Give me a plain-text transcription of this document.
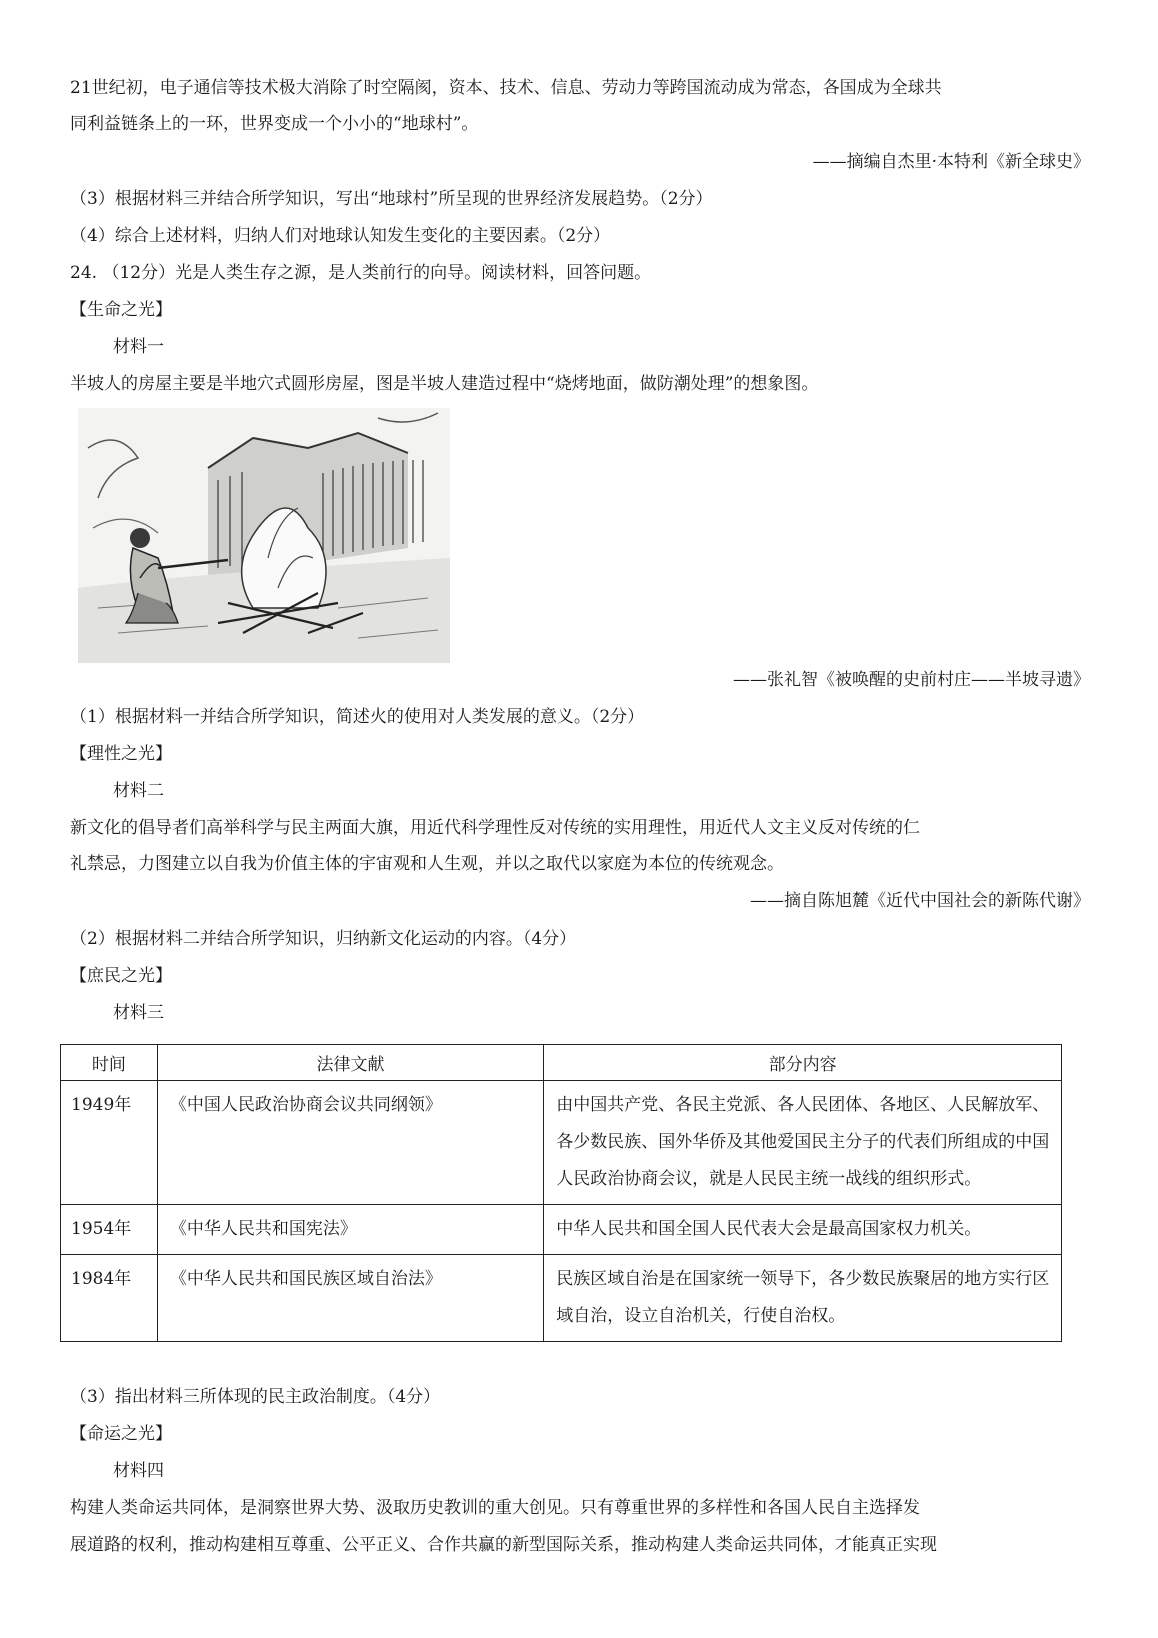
21世纪初，电子通信等技术极大消除了时空隔阂，资本、技术、信息、劳动力等跨国流动成为常态，各国成为全球共
同利益链条上的一环，世界变成一个小小的“地球村”。
——摘编自杰里·本特利《新全球史》
（3）根据材料三并结合所学知识，写出“地球村”所呈现的世界经济发展趋势。（2分）
（4）综合上述材料，归纳人们对地球认知发生变化的主要因素。（2分）
24. （12分）光是人类生存之源，是人类前行的向导。阅读材料，回答问题。
【生命之光】
材料一
半坡人的房屋主要是半地穴式圆形房屋，图是半坡人建造过程中“烧烤地面，做防潮处理”的想象图。
——张礼智《被唤醒的史前村庄——半坡寻遗》
（1）根据材料一并结合所学知识，简述火的使用对人类发展的意义。（2分）
【理性之光】
材料二
新文化的倡导者们高举科学与民主两面大旗，用近代科学理性反对传统的实用理性，用近代人文主义反对传统的仁
礼禁忌，力图建立以自我为价值主体的宇宙观和人生观，并以之取代以家庭为本位的传统观念。
——摘自陈旭麓《近代中国社会的新陈代谢》
（2）根据材料二并结合所学知识，归纳新文化运动的内容。（4分）
【庶民之光】
材料三
时间	法律文献	部分内容

1949年	《中国人民政治协商会议共同纲领》	由中国共产党、各民主党派、各人民团体、各地区、人民解放军、各少数民族、国外华侨及其他爱国民主分子的代表们所组成的中国人民政治协商会议，就是人民民主统一战线的组织形式。

1954年	《中华人民共和国宪法》	中华人民共和国全国人民代表大会是最高国家权力机关。

1984年	《中华人民共和国民族区域自治法》	民族区域自治是在国家统一领导下，各少数民族聚居的地方实行区域自治，设立自治机关，行使自治权。
（3）指出材料三所体现的民主政治制度。（4分）
【命运之光】
材料四
构建人类命运共同体，是洞察世界大势、汲取历史教训的重大创见。只有尊重世界的多样性和各国人民自主选择发
展道路的权利，推动构建相互尊重、公平正义、合作共赢的新型国际关系，推动构建人类命运共同体，才能真正实现
